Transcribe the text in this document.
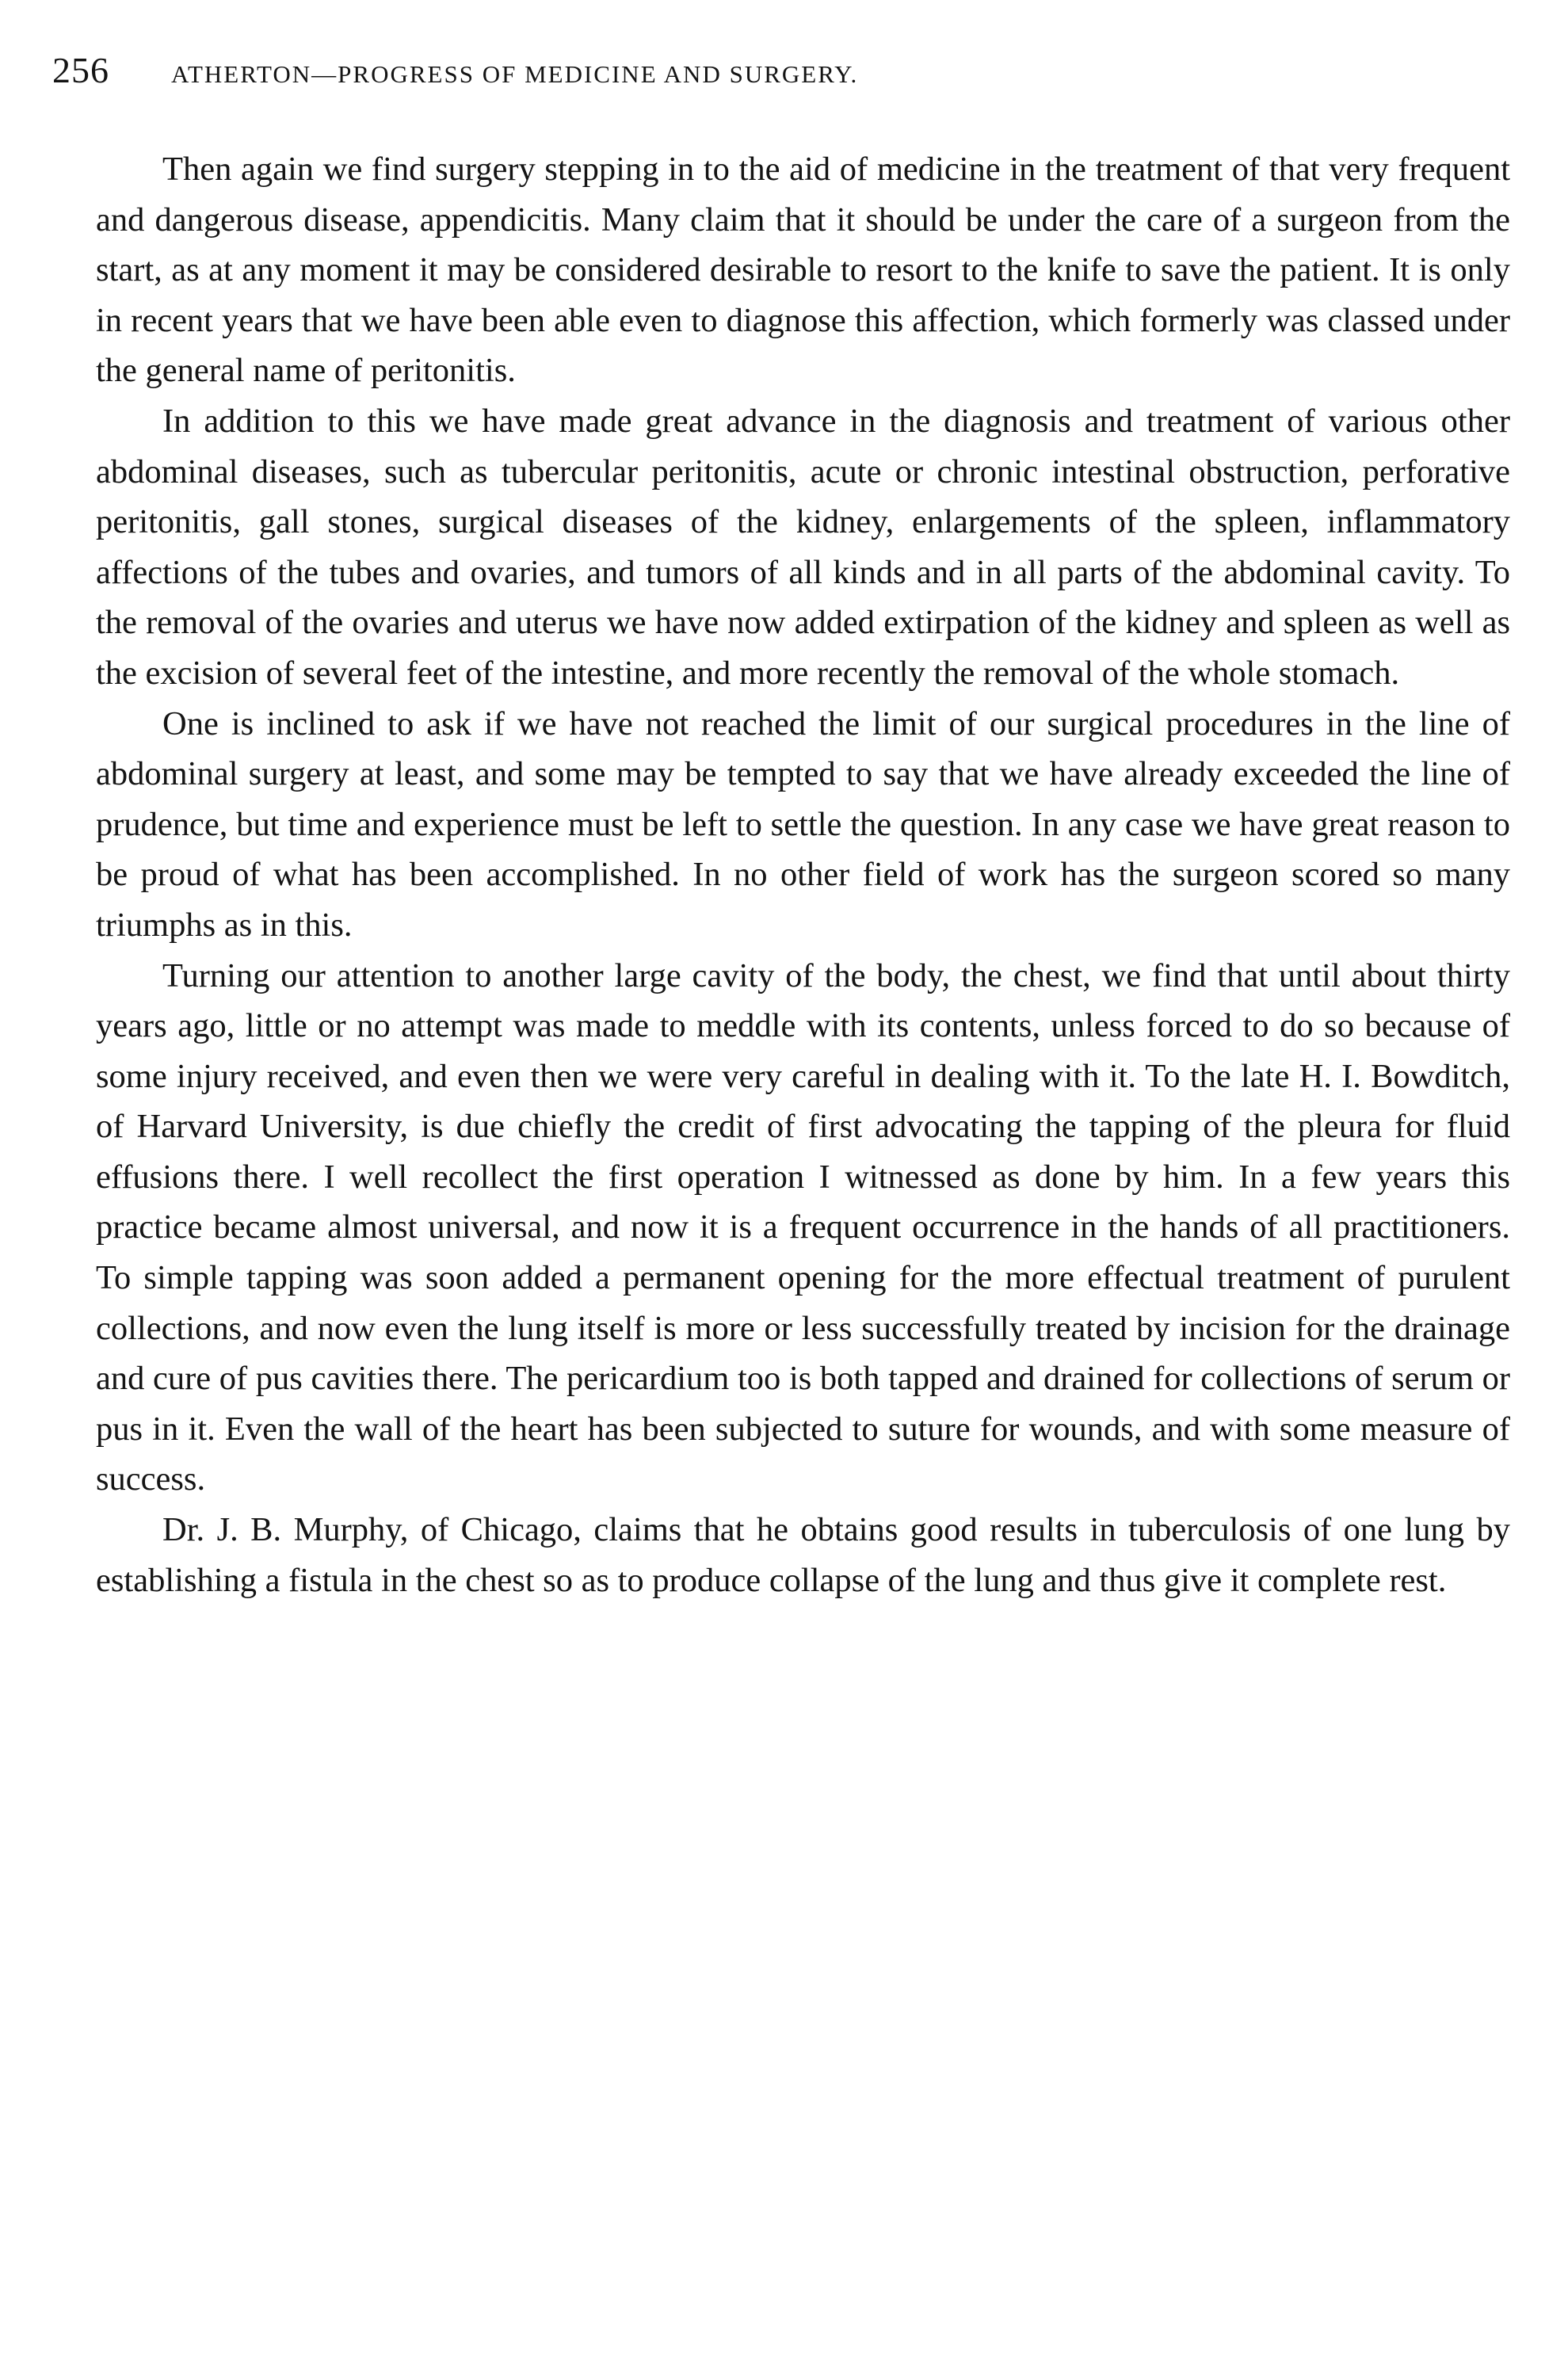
256	ATHERTON—PROGRESS OF MEDICINE AND SURGERY.

Then again we find surgery stepping in to the aid of medicine in the treatment of that very frequent and dangerous disease, appendicitis. Many claim that it should be under the care of a surgeon from the start, as at any moment it may be considered desirable to resort to the knife to save the patient. It is only in recent years that we have been able even to diagnose this affection, which formerly was classed under the general name of peritonitis.

In addition to this we have made great advance in the diagnosis and treatment of various other abdominal diseases, such as tubercular peritonitis, acute or chronic intestinal obstruction, perforative peritonitis, gall stones, surgical diseases of the kidney, enlargements of the spleen, inflammatory affections of the tubes and ovaries, and tumors of all kinds and in all parts of the abdominal cavity. To the removal of the ovaries and uterus we have now added extirpation of the kidney and spleen as well as the excision of several feet of the intestine, and more recently the removal of the whole stomach.

One is inclined to ask if we have not reached the limit of our surgical procedures in the line of abdominal surgery at least, and some may be tempted to say that we have already exceeded the line of prudence, but time and experience must be left to settle the question. In any case we have great reason to be proud of what has been accomplished. In no other field of work has the surgeon scored so many triumphs as in this.

Turning our attention to another large cavity of the body, the chest, we find that until about thirty years ago, little or no attempt was made to meddle with its contents, unless forced to do so because of some injury received, and even then we were very careful in dealing with it. To the late H. I. Bowditch, of Harvard University, is due chiefly the credit of first advocating the tapping of the pleura for fluid effusions there. I well recollect the first operation I witnessed as done by him. In a few years this practice became almost universal, and now it is a frequent occurrence in the hands of all practitioners. To simple tapping was soon added a permanent opening for the more effectual treatment of purulent collections, and now even the lung itself is more or less successfully treated by incision for the drainage and cure of pus cavities there. The pericardium too is both tapped and drained for collections of serum or pus in it. Even the wall of the heart has been subjected to suture for wounds, and with some measure of success.

Dr. J. B. Murphy, of Chicago, claims that he obtains good results in tuberculosis of one lung by establishing a fistula in the chest so as to produce collapse of the lung and thus give it complete rest.
